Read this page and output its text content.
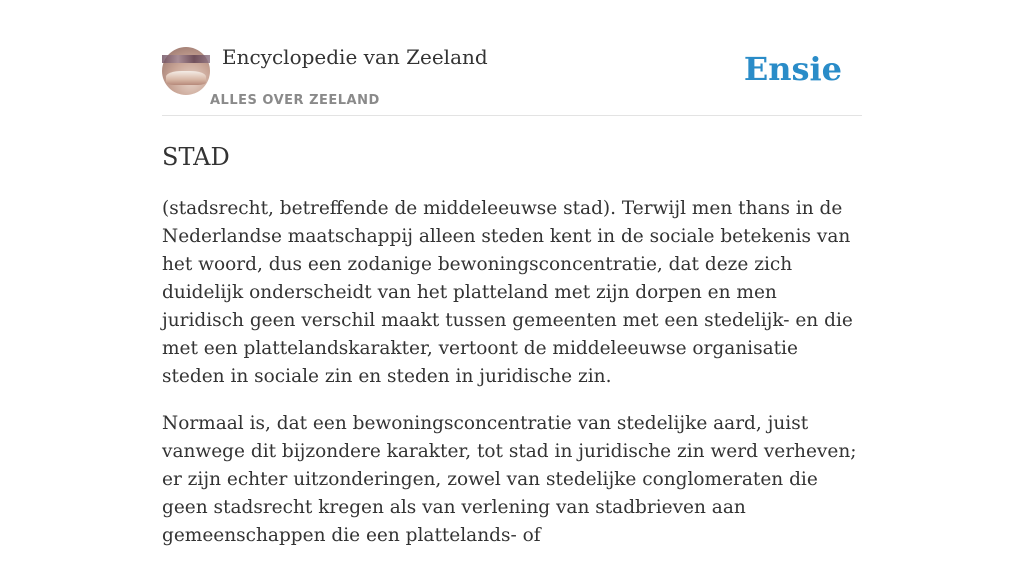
Encyclopedie van Zeeland
ALLES OVER ZEELAND
Ensie
STAD

(stadsrecht, betreffende de middeleeuwse stad). Terwijl men thans in de Nederlandse maatschappij alleen steden kent in de sociale betekenis van het woord, dus een zodanige bewoningsconcentratie, dat deze zich duidelijk onderscheidt van het platteland met zijn dorpen en men juridisch geen verschil maakt tussen gemeenten met een stedelijk- en die met een plattelandskarakter, vertoont de middeleeuwse organisatie steden in sociale zin en steden in juridische zin.

Normaal is, dat een bewoningsconcentratie van stedelijke aard, juist vanwege dit bijzondere karakter, tot stad in juridische zin werd verheven; er zijn echter uitzonderingen, zowel van stedelijke conglomeraten die geen stadsrecht kregen als van verlening van stadbrieven aan gemeenschappen die een plattelands- of
